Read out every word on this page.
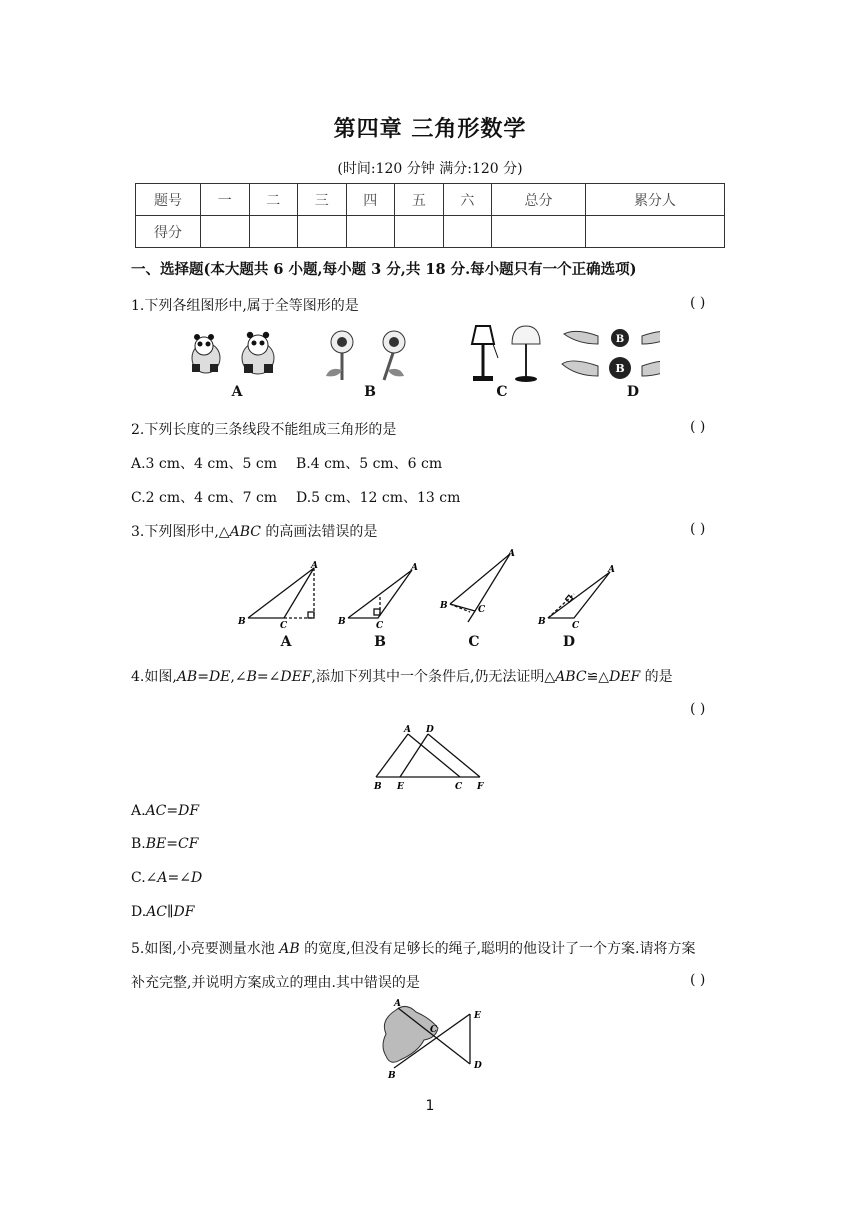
第四章 三角形数学
(时间:120 分钟 满分:120 分)
题号	一	二	三	四	五	六	总分	累分人
得分								
一、选择题(本大题共 6 小题,每小题 3 分,共 18 分.每小题只有一个正确选项)
1.下列各组图形中,属于全等图形的是	( )
B
B
A	B	C	D
2.下列长度的三条线段不能组成三角形的是	( )
A.3 cm、4 cm、5 cm B.4 cm、5 cm、6 cm
C.2 cm、4 cm、7 cm D.5 cm、12 cm、13 cm
3.下列图形中,△ABC 的高画法错误的是	( )
A
B	C
A
B	C
A
B	C
A
B	C
A	B	C	D
4.如图,AB=DE,∠B=∠DEF,添加下列其中一个条件后,仍无法证明△ABC≌△DEF 的是
( )
A D
B E	C F
A.AC=DF
B.BE=CF
C.∠A=∠D
D.AC∥DF
5.如图,小亮要测量水池 AB 的宽度,但没有足够长的绳子,聪明的他设计了一个方案.请将方案
补充完整,并说明方案成立的理由.其中错误的是	( )
A
B
C
D
E
1
